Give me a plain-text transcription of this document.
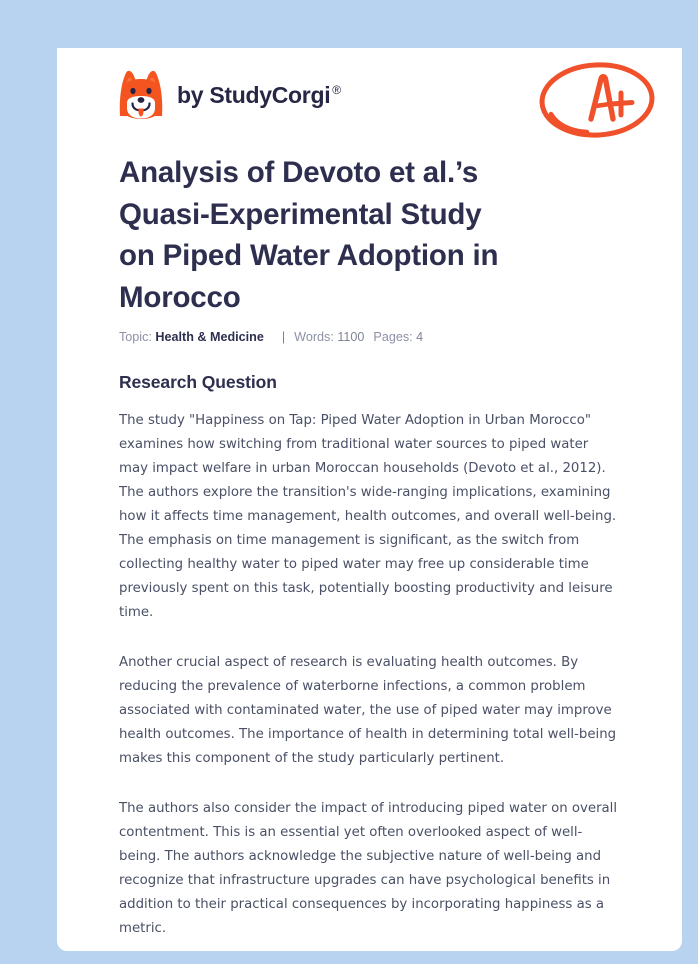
by StudyCorgi ®
Analysis of Devoto et al.’s Quasi-Experimental Study on Piped Water Adoption in Morocco
Topic: Health & Medicine | Words: 1100 Pages: 4
Research Question

The study "Happiness on Tap: Piped Water Adoption in Urban Morocco" examines how switching from traditional water sources to piped water may impact welfare in urban Moroccan households (Devoto et al., 2012). The authors explore the transition's wide-ranging implications, examining how it affects time management, health outcomes, and overall well-being. The emphasis on time management is significant, as the switch from collecting healthy water to piped water may free up considerable time previously spent on this task, potentially boosting productivity and leisure time.

Another crucial aspect of research is evaluating health outcomes. By reducing the prevalence of waterborne infections, a common problem associated with contaminated water, the use of piped water may improve health outcomes. The importance of health in determining total well-being makes this component of the study particularly pertinent.

The authors also consider the impact of introducing piped water on overall contentment. This is an essential yet often overlooked aspect of well-being. The authors acknowledge the subjective nature of well-being and recognize that infrastructure upgrades can have psychological benefits in addition to their practical consequences by incorporating happiness as a metric.
